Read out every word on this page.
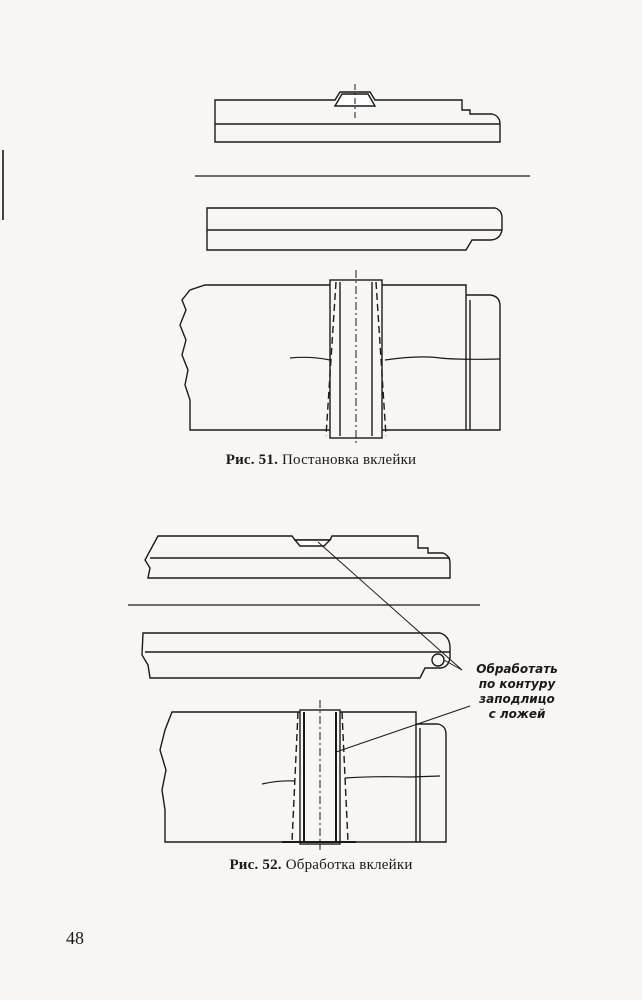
Рис. 51. Постановка вклейки
Обработать
по контуру
заподлицо
с ложей
Рис. 52. Обработка вклейки
48
